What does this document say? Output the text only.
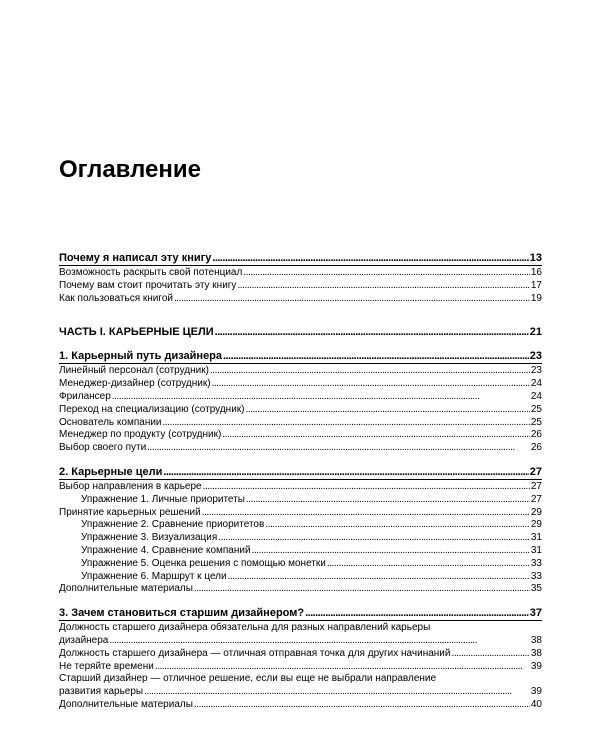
Оглавление
Почему я написал эту книгу . . .	13
Возможность раскрыть свой потенциал . . .	16
Почему вам стоит прочитать эту книгу . . .	17
Как пользоваться книгой . . .	19
ЧАСТЬ I. КАРЬЕРНЫЕ ЦЕЛИ . . .	21
1. Карьерный путь дизайнера . . .	23
Линейный персонал (сотрудник) . . .	23
Менеджер-дизайнер (сотрудник) . . .	24
Фрилансер . . .	24
Переход на специализацию (сотрудник) . . .	25
Основатель компании . . .	25
Менеджер по продукту (сотрудник) . . .	26
Выбор своего пути . . .	26
2. Карьерные цели . . .	27
Выбор направления в карьере . . .	27
Упражнение 1. Личные приоритеты . . .	27
Принятие карьерных решений . . .	29
Упражнение 2. Сравнение приоритетов . . .	29
Упражнение 3. Визуализация . . .	31
Упражнение 4. Сравнение компаний . . .	31
Упражнение 5. Оценка решения с помощью монетки . . .	33
Упражнение 6. Маршрут к цели . . .	33
Дополнительные материалы . . .	35
3. Зачем становиться старшим дизайнером? . . .	37
Должность старшего дизайнера обязательна для разных направлений карьеры
дизайнера . . .	38
Должность старшего дизайнера — отличная отправная точка для других начинаний . . .	38
Не теряйте времени . . .	39
Старший дизайнер — отличное решение, если вы еще не выбрали направление
развития карьеры . . .	39
Дополнительные материалы . . .	40
